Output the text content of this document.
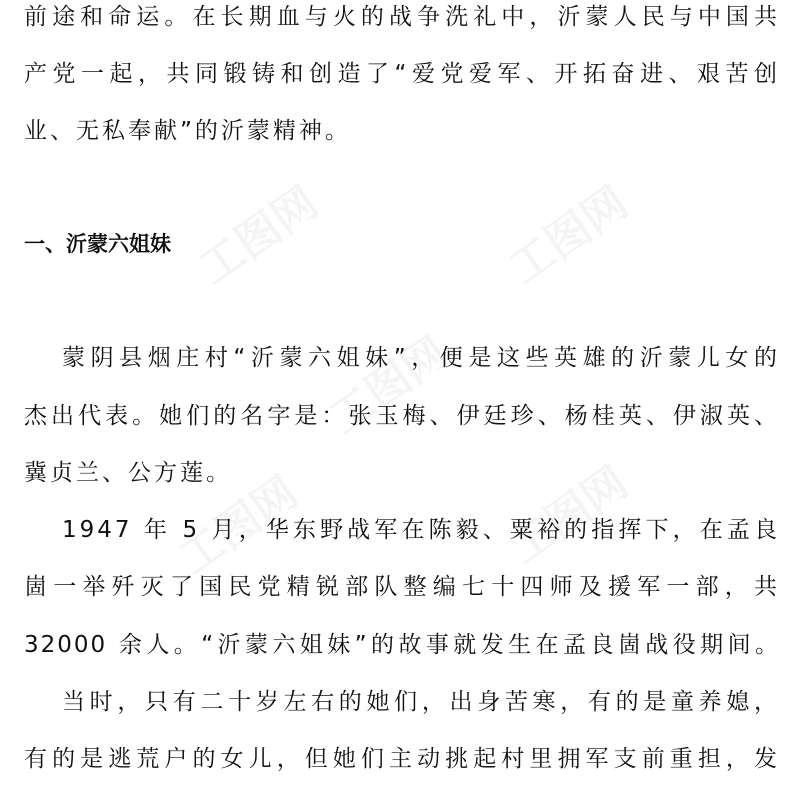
前途和命运。在长期血与火的战争洗礼中，沂蒙人民与中国共
产党一起，共同锻铸和创造了“爱党爱军、开拓奋进、艰苦创
业、无私奉献”的沂蒙精神。
一、沂蒙六姐妹
蒙阴县烟庄村“沂蒙六姐妹”，便是这些英雄的沂蒙儿女的
杰出代表。她们的名字是：张玉梅、伊廷珍、杨桂英、伊淑英、
冀贞兰、公方莲。
1947 年 5 月，华东野战军在陈毅、粟裕的指挥下，在孟良
崮一举歼灭了国民党精锐部队整编七十四师及援军一部，共
32000 余人。“沂蒙六姐妹”的故事就发生在孟良崮战役期间。
当时，只有二十岁左右的她们，出身苦寒，有的是童养媳，
有的是逃荒户的女儿，但她们主动挑起村里拥军支前重担，发
